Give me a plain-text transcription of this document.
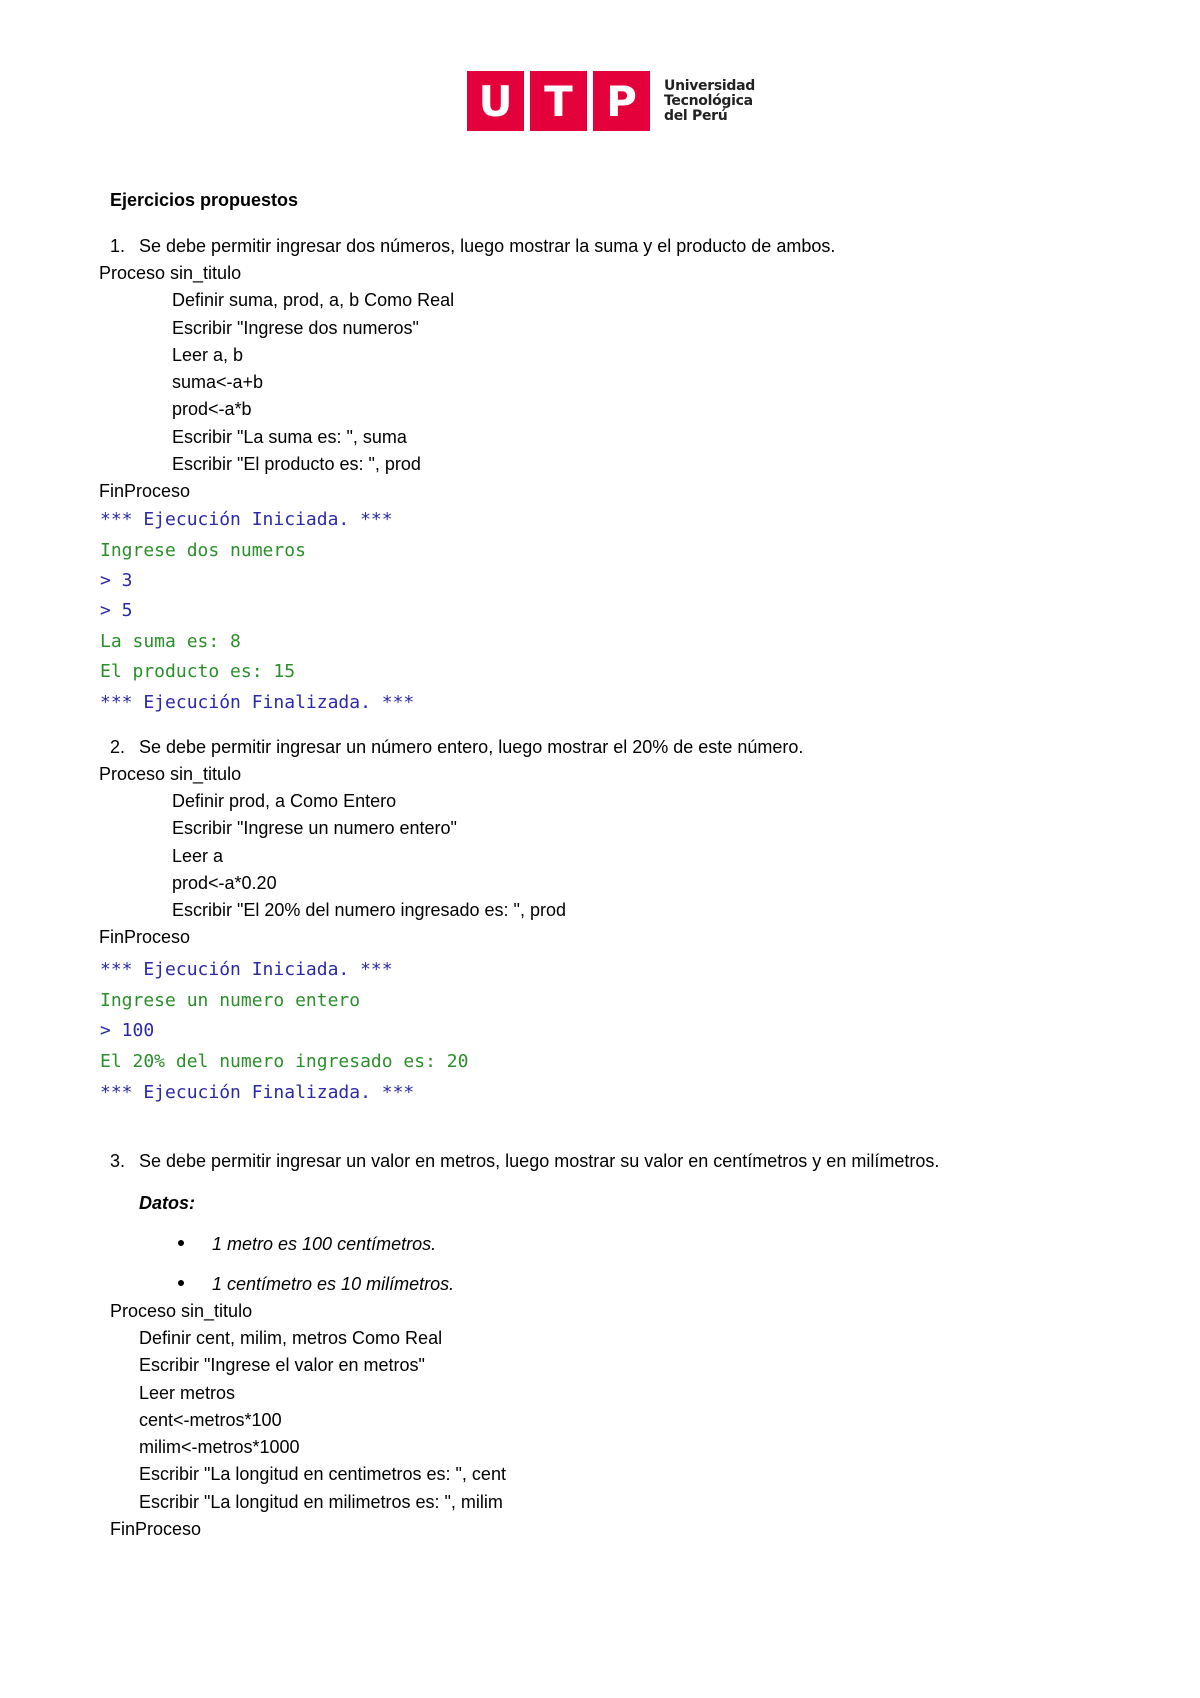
U T P	Universidad
Tecnológica
del Perú
Ejercicios propuestos
1. Se debe permitir ingresar dos números, luego mostrar la suma y el producto de ambos.
Proceso sin_titulo
Definir suma, prod, a, b Como Real
Escribir "Ingrese dos numeros"
Leer a, b
suma<-a+b
prod<-a*b
Escribir "La suma es: ", suma
Escribir "El producto es: ", prod
FinProceso
*** Ejecución Iniciada. ***
Ingrese dos numeros
> 3
> 5
La suma es: 8
El producto es: 15
*** Ejecución Finalizada. ***
2. Se debe permitir ingresar un número entero, luego mostrar el 20% de este número.
Proceso sin_titulo
Definir prod, a Como Entero
Escribir "Ingrese un numero entero"
Leer a
prod<-a*0.20
Escribir "El 20% del numero ingresado es: ", prod
FinProceso
*** Ejecución Iniciada. ***
Ingrese un numero entero
> 100
El 20% del numero ingresado es: 20
*** Ejecución Finalizada. ***
3. Se debe permitir ingresar un valor en metros, luego mostrar su valor en centímetros y en milímetros.
Datos:
1 metro es 100 centímetros.
1 centímetro es 10 milímetros.
Proceso sin_titulo
Definir cent, milim, metros Como Real
Escribir "Ingrese el valor en metros"
Leer metros
cent<-metros*100
milim<-metros*1000
Escribir "La longitud en centimetros es: ", cent
Escribir "La longitud en milimetros es: ", milim
FinProceso
